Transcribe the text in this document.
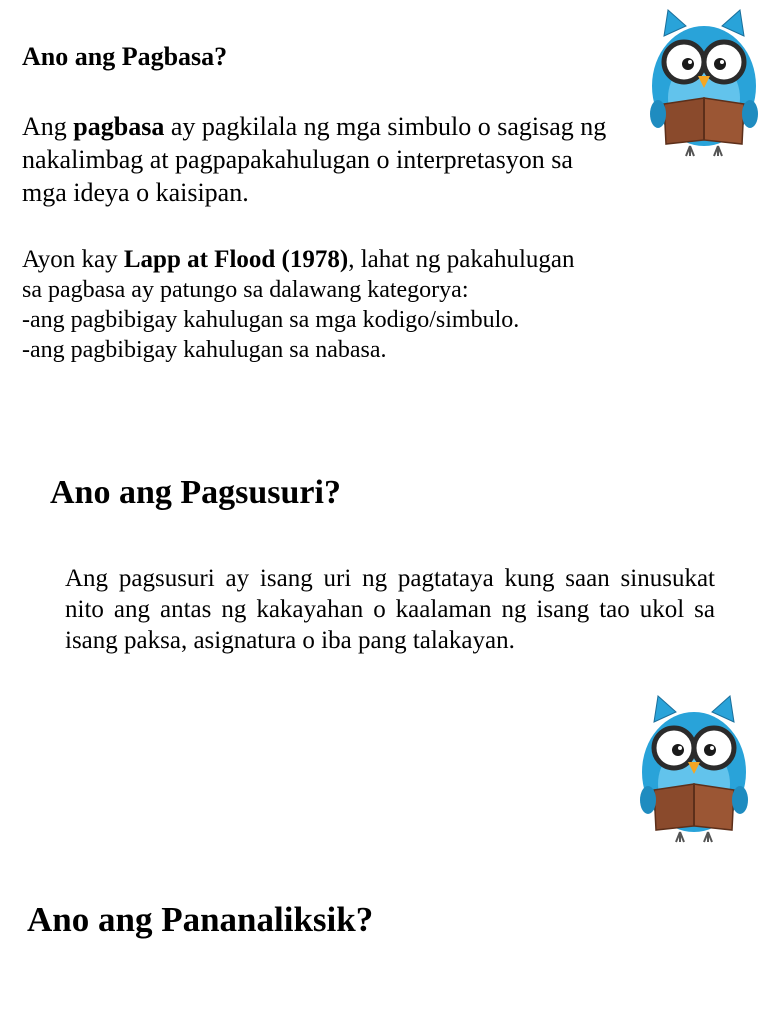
Ano ang Pagbasa?
Ang pagbasa ay pagkilala ng mga simbulo o sagisag ng nakalimbag at pagpapakahulugan o interpretasyon sa mga ideya o kaisipan.
Ayon kay Lapp at Flood (1978), lahat ng pakahulugan
sa pagbasa ay patungo sa dalawang kategorya:
-ang pagbibigay kahulugan sa mga kodigo/simbulo.
-ang pagbibigay kahulugan sa nabasa.
Ano ang Pagsusuri?
Ang pagsusuri ay isang uri ng pagtataya kung saan sinusukat nito ang antas ng kakayahan o kaalaman ng isang tao ukol sa isang paksa, asignatura o iba pang talakayan.
Ano ang Pananaliksik?
